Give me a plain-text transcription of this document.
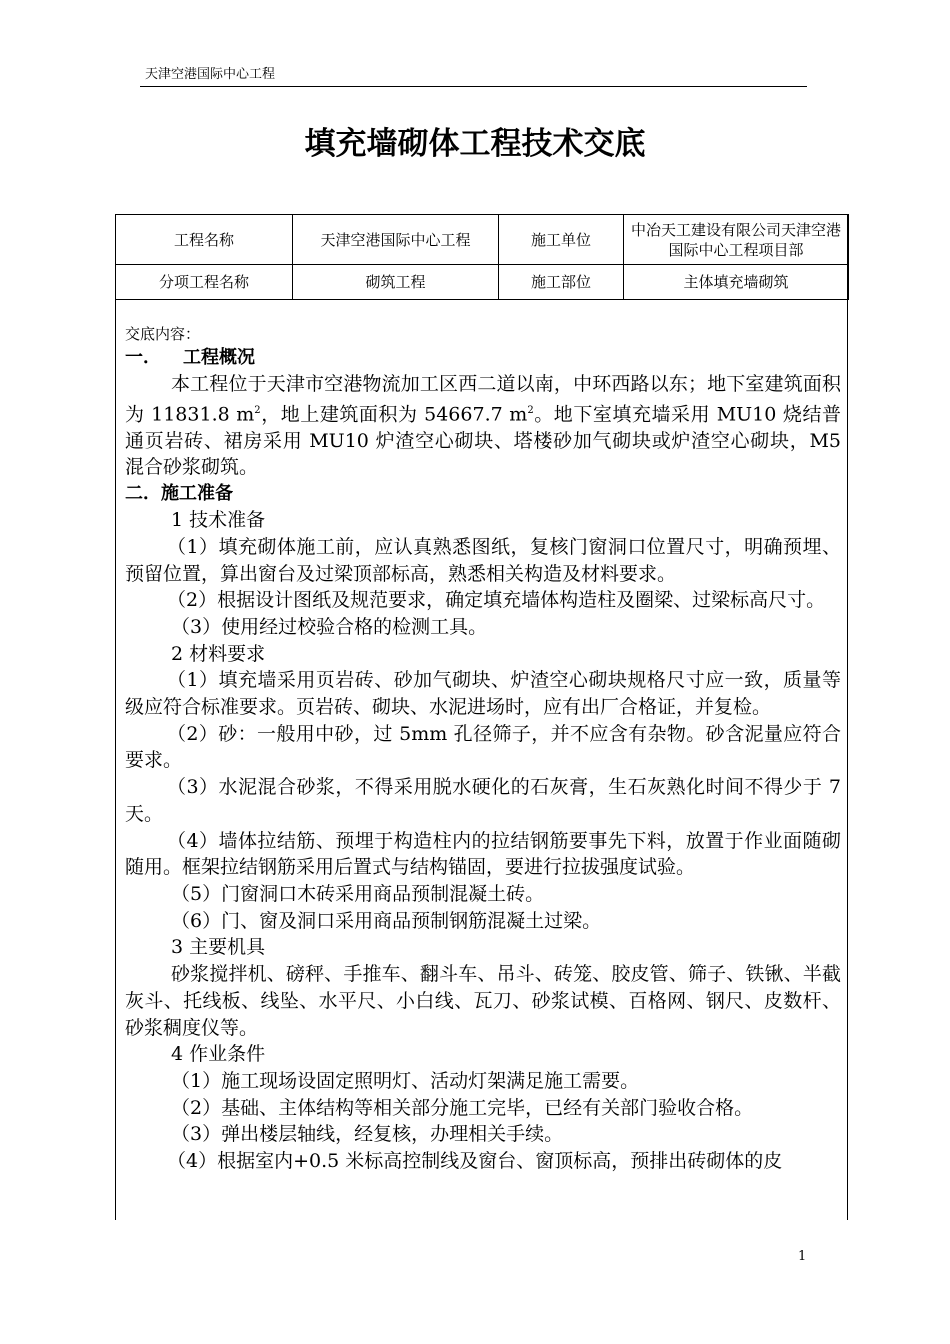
天津空港国际中心工程
填充墙砌体工程技术交底
工程名称	天津空港国际中心工程	施工单位	中冶天工建设有限公司天津空港国际中心工程项目部
分项工程名称	砌筑工程	施工部位	主体填充墙砌筑

交底内容：

一． 工程概况

本工程位于天津市空港物流加工区西二道以南，中环西路以东；地下室建筑面积为 11831.8 $m^2$，地上建筑面积为 54667.7 $m^2$。地下室填充墙采用 MU10 烧结普通页岩砖、裙房采用 MU10 炉渣空心砌块、塔楼砂加气砌块或炉渣空心砌块，M5 混合砂浆砌筑。

二．施工准备

1 技术准备

（1）填充砌体施工前，应认真熟悉图纸，复核门窗洞口位置尺寸，明确预埋、预留位置，算出窗台及过梁顶部标高，熟悉相关构造及材料要求。

（2）根据设计图纸及规范要求，确定填充墙体构造柱及圈梁、过梁标高尺寸。

（3）使用经过校验合格的检测工具。

2 材料要求

（1）填充墙采用页岩砖、砂加气砌块、炉渣空心砌块规格尺寸应一致，质量等级应符合标准要求。页岩砖、砌块、水泥进场时，应有出厂合格证，并复检。

（2）砂：一般用中砂，过 5mm 孔径筛子，并不应含有杂物。砂含泥量应符合要求。

（3）水泥混合砂浆，不得采用脱水硬化的石灰膏，生石灰熟化时间不得少于 7 天。

（4）墙体拉结筋、预埋于构造柱内的拉结钢筋要事先下料，放置于作业面随砌随用。框架拉结钢筋采用后置式与结构锚固，要进行拉拔强度试验。

（5）门窗洞口木砖采用商品预制混凝土砖。

（6）门、窗及洞口采用商品预制钢筋混凝土过梁。

3 主要机具

砂浆搅拌机、磅秤、手推车、翻斗车、吊斗、砖笼、胶皮管、筛子、铁锹、半截灰斗、托线板、线坠、水平尺、小白线、瓦刀、砂浆试模、百格网、钢尺、皮数杆、砂浆稠度仪等。

4 作业条件

（1）施工现场设固定照明灯、活动灯架满足施工需要。

（2）基础、主体结构等相关部分施工完毕，已经有关部门验收合格。

（3）弹出楼层轴线，经复核，办理相关手续。

（4）根据室内+0.5 米标高控制线及窗台、窗顶标高，预排出砖砌体的皮

1
